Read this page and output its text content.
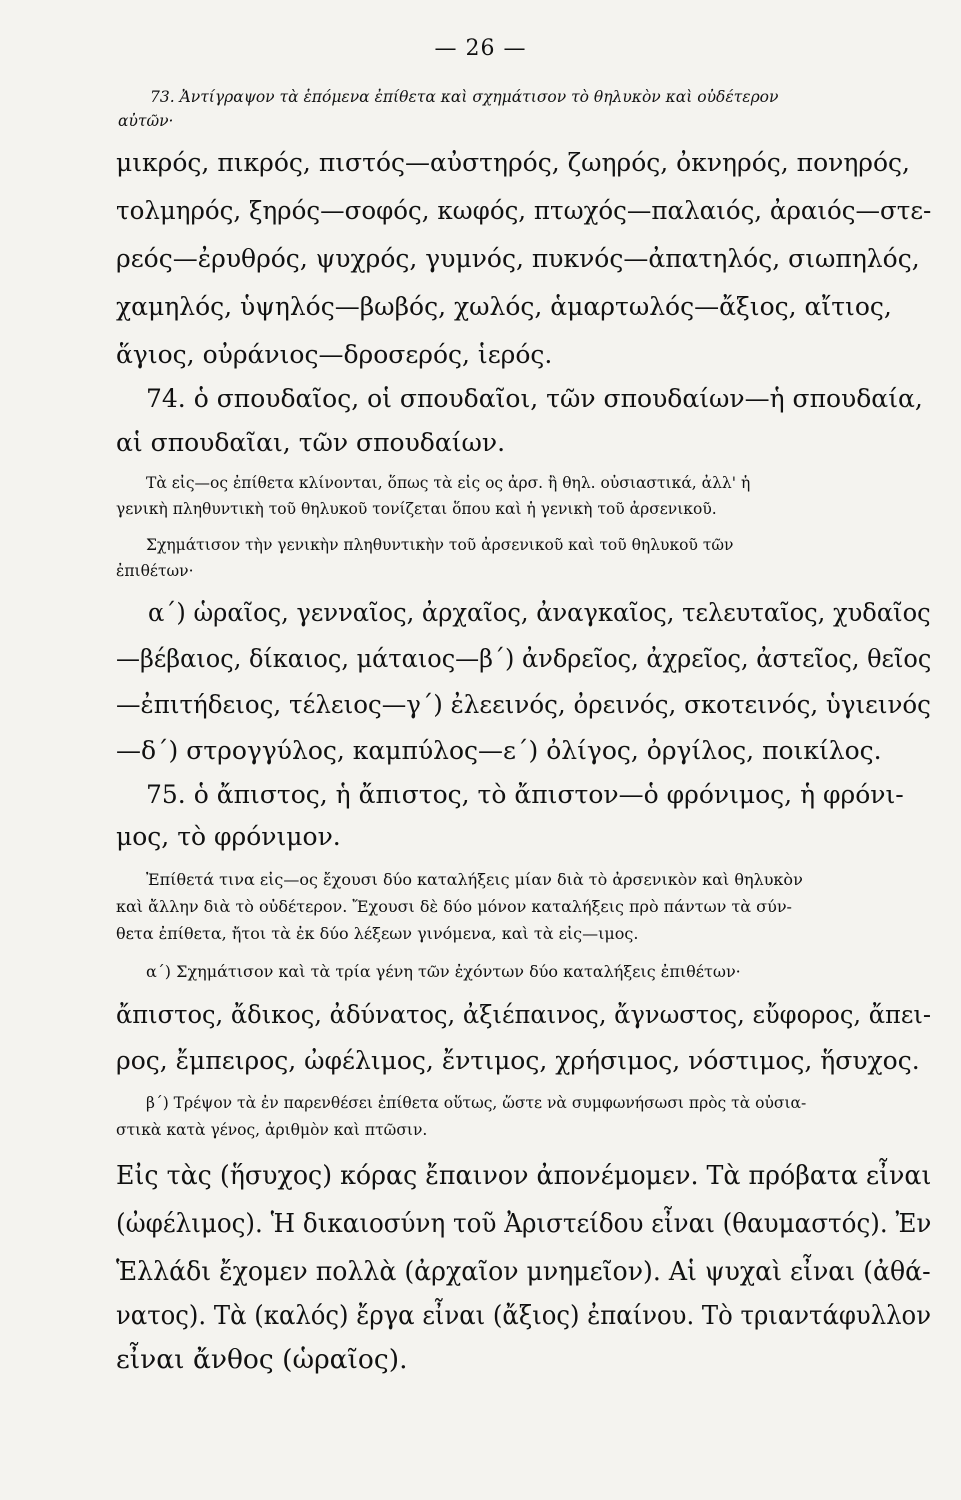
— 26 —
73. Ἀντίγραψον τὰ ἑπόμενα ἐπίθετα καὶ σχημάτισον τὸ θηλυκὸν καὶ οὐδέτερον
αὐτῶν·
μικρός, πικρός, πιστός—αὐστηρός, ζωηρός, ὀκνηρός, πονηρός,
τολμηρός, ξηρός—σοφός, κωφός, πτωχός—παλαιός, ἀραιός—στε-
ρεός—ἐρυθρός, ψυχρός, γυμνός, πυκνός—ἀπατηλός, σιωπηλός,
χαμηλός, ὑψηλός—βωβός, χωλός, ἁμαρτωλός—ἄξιος, αἴτιος,
ἅγιος, οὐράνιος—δροσερός, ἱερός.
74. ὁ σπουδαῖος, οἱ σπουδαῖοι, τῶν σπουδαίων—ἡ σπουδαία,
αἱ σπουδαῖαι, τῶν σπουδαίων.
Τὰ εἰς—ος ἐπίθετα κλίνονται, ὅπως τὰ εἰς ος ἀρσ. ἢ θηλ. οὐσιαστικά, ἀλλ' ἡ
γενικὴ πληθυντικὴ τοῦ θηλυκοῦ τονίζεται ὅπου καὶ ἡ γενικὴ τοῦ ἀρσενικοῦ.
Σχημάτισον τὴν γενικὴν πληθυντικὴν τοῦ ἀρσενικοῦ καὶ τοῦ θηλυκοῦ τῶν
ἐπιθέτων·
α΄) ὡραῖος, γενναῖος, ἀρχαῖος, ἀναγκαῖος, τελευταῖος, χυδαῖος
—βέβαιος, δίκαιος, μάταιος—β΄) ἀνδρεῖος, ἀχρεῖος, ἀστεῖος, θεῖος
—ἐπιτήδειος, τέλειος—γ΄) ἐλεεινός, ὀρεινός, σκοτεινός, ὑγιεινός
—δ΄) στρογγύλος, καμπύλος—ε΄) ὀλίγος, ὀργίλος, ποικίλος.
75. ὁ ἄπιστος, ἡ ἄπιστος, τὸ ἄπιστον—ὁ φρόνιμος, ἡ φρόνι-
μος, τὸ φρόνιμον.
Ἐπίθετά τινα εἰς—ος ἔχουσι δύο καταλήξεις μίαν διὰ τὸ ἀρσενικὸν καὶ θηλυκὸν
καὶ ἄλλην διὰ τὸ οὐδέτερον. Ἔχουσι δὲ δύο μόνον καταλήξεις πρὸ πάντων τὰ σύν-
θετα ἐπίθετα, ἤτοι τὰ ἐκ δύο λέξεων γινόμενα, καὶ τὰ εἰς—ιμος.
α΄) Σχημάτισον καὶ τὰ τρία γένη τῶν ἐχόντων δύο καταλήξεις ἐπιθέτων·
ἄπιστος, ἄδικος, ἀδύνατος, ἀξιέπαινος, ἄγνωστος, εὔφορος, ἄπει-
ρος, ἔμπειρος, ὠφέλιμος, ἔντιμος, χρήσιμος, νόστιμος, ἥσυχος.
β΄) Τρέψον τὰ ἐν παρενθέσει ἐπίθετα οὕτως, ὥστε νὰ συμφωνήσωσι πρὸς τὰ οὐσια-
στικὰ κατὰ γένος, ἀριθμὸν καὶ πτῶσιν.
Εἰς τὰς (ἥσυχος) κόρας ἔπαινον ἀπονέμομεν. Τὰ πρόβατα εἶναι
(ὠφέλιμος). Ἡ δικαιοσύνη τοῦ Ἀριστείδου εἶναι (θαυμαστός). Ἐν
Ἑλλάδι ἔχομεν πολλὰ (ἀρχαῖον μνημεῖον). Αἱ ψυχαὶ εἶναι (ἀθά-
νατος). Τὰ (καλός) ἔργα εἶναι (ἄξιος) ἐπαίνου. Τὸ τριαντάφυλλον
εἶναι ἄνθος (ὡραῖος).
